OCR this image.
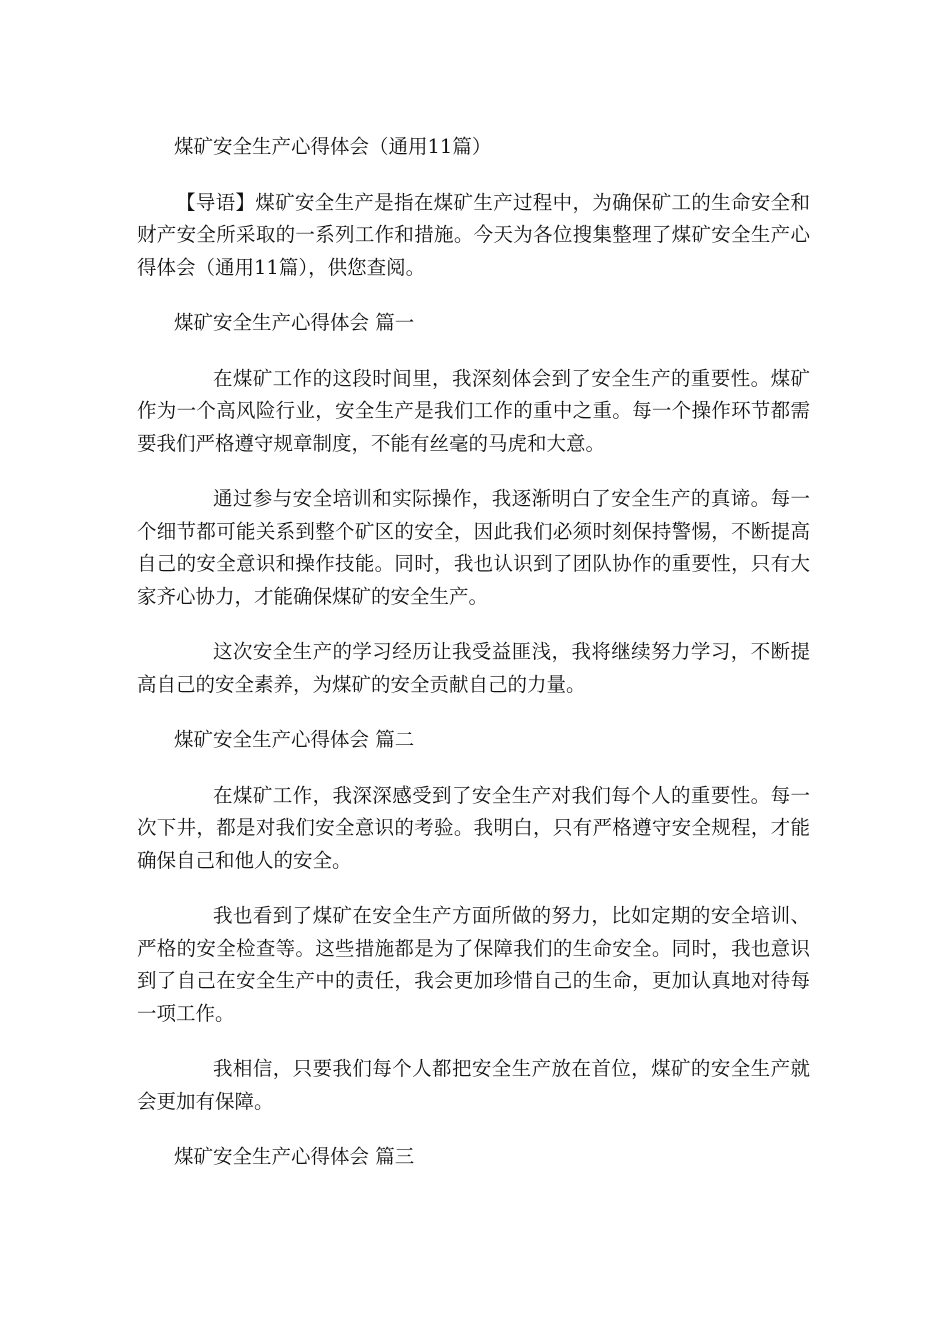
煤矿安全生产心得体会（通用11篇）

【导语】煤矿安全生产是指在煤矿生产过程中，为确保矿工的生命安全和财产安全所采取的一系列工作和措施。今天为各位搜集整理了煤矿安全生产心得体会（通用11篇），供您查阅。

煤矿安全生产心得体会 篇一

在煤矿工作的这段时间里，我深刻体会到了安全生产的重要性。煤矿作为一个高风险行业，安全生产是我们工作的重中之重。每一个操作环节都需要我们严格遵守规章制度，不能有丝毫的马虎和大意。

通过参与安全培训和实际操作，我逐渐明白了安全生产的真谛。每一个细节都可能关系到整个矿区的安全，因此我们必须时刻保持警惕，不断提高自己的安全意识和操作技能。同时，我也认识到了团队协作的重要性，只有大家齐心协力，才能确保煤矿的安全生产。

这次安全生产的学习经历让我受益匪浅，我将继续努力学习，不断提高自己的安全素养，为煤矿的安全贡献自己的力量。

煤矿安全生产心得体会 篇二

在煤矿工作，我深深感受到了安全生产对我们每个人的重要性。每一次下井，都是对我们安全意识的考验。我明白，只有严格遵守安全规程，才能确保自己和他人的安全。

我也看到了煤矿在安全生产方面所做的努力，比如定期的安全培训、严格的安全检查等。这些措施都是为了保障我们的生命安全。同时，我也意识到了自己在安全生产中的责任，我会更加珍惜自己的生命，更加认真地对待每一项工作。

我相信，只要我们每个人都把安全生产放在首位，煤矿的安全生产就会更加有保障。

煤矿安全生产心得体会 篇三
